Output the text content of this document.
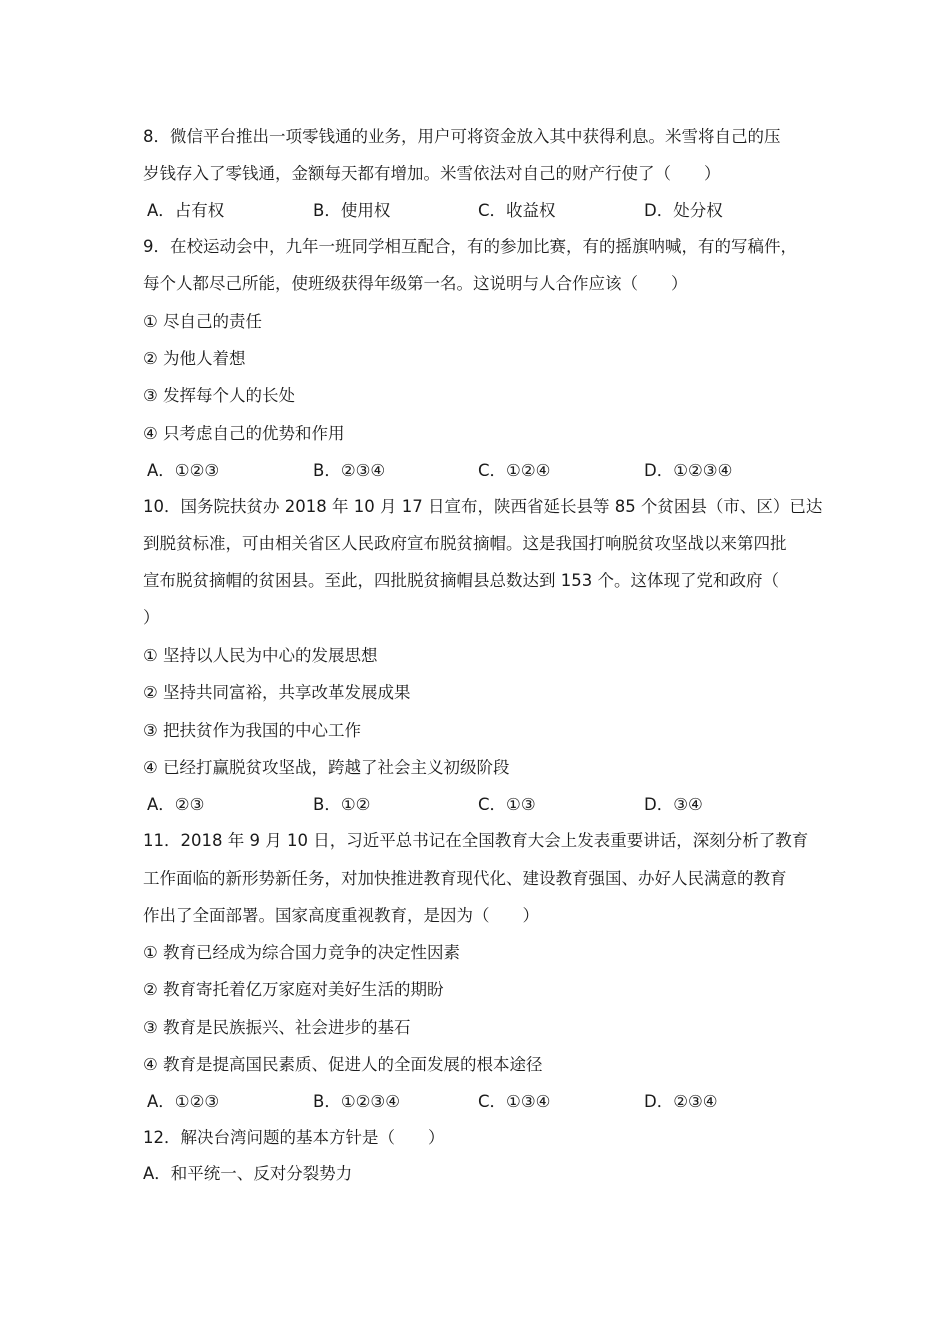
8．微信平台推出一项零钱通的业务，用户可将资金放入其中获得利息。米雪将自己的压
岁钱存入了零钱通，金额每天都有增加。米雪依法对自己的财产行使了（　　）
A．占有权	B．使用权	C．收益权	D．处分权
9．在校运动会中，九年一班同学相互配合，有的参加比赛，有的摇旗呐喊，有的写稿件，
每个人都尽己所能，使班级获得年级第一名。这说明与人合作应该（　　）
① 尽自己的责任
② 为他人着想
③ 发挥每个人的长处
④ 只考虑自己的优势和作用
A．①②③	B．②③④	C．①②④	D．①②③④
10．国务院扶贫办 2018 年 10 月 17 日宣布，陕西省延长县等 85 个贫困县（市、区）已达
到脱贫标准，可由相关省区人民政府宣布脱贫摘帽。这是我国打响脱贫攻坚战以来第四批
宣布脱贫摘帽的贫困县。至此，四批脱贫摘帽县总数达到 153 个。这体现了党和政府（
）
① 坚持以人民为中心的发展思想
② 坚持共同富裕，共享改革发展成果
③ 把扶贫作为我国的中心工作
④ 已经打赢脱贫攻坚战，跨越了社会主义初级阶段
A．②③	B．①②	C．①③	D．③④
11．2018 年 9 月 10 日，习近平总书记在全国教育大会上发表重要讲话，深刻分析了教育
工作面临的新形势新任务，对加快推进教育现代化、建设教育强国、办好人民满意的教育
作出了全面部署。国家高度重视教育，是因为（　　）
① 教育已经成为综合国力竞争的决定性因素
② 教育寄托着亿万家庭对美好生活的期盼
③ 教育是民族振兴、社会进步的基石
④ 教育是提高国民素质、促进人的全面发展的根本途径
A．①②③	B．①②③④	C．①③④	D．②③④
12．解决台湾问题的基本方针是（　　）
A．和平统一、反对分裂势力
